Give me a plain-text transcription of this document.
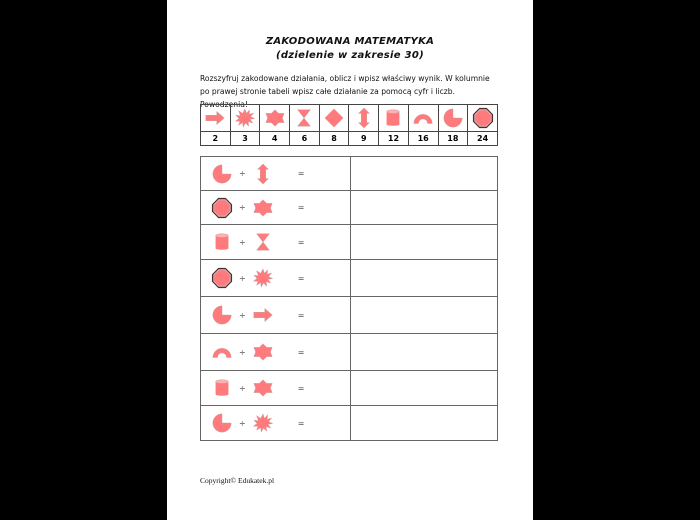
ZAKODOWANA MATEMATYKA
(dzielenie w zakresie 30)
Rozszyfruj zakodowane działania, oblicz i wpisz właściwy wynik. W kolumnie po prawej stronie tabeli wpisz całe działanie za pomocą cyfr i liczb. Powodzenia!

2	3	4	6	8	9	12	16	18	24
÷ =	

÷ =	

÷ =	

÷ =	

÷ =	

÷ =	

÷ =	

÷ =	

Copyright© Edukatek.pl
